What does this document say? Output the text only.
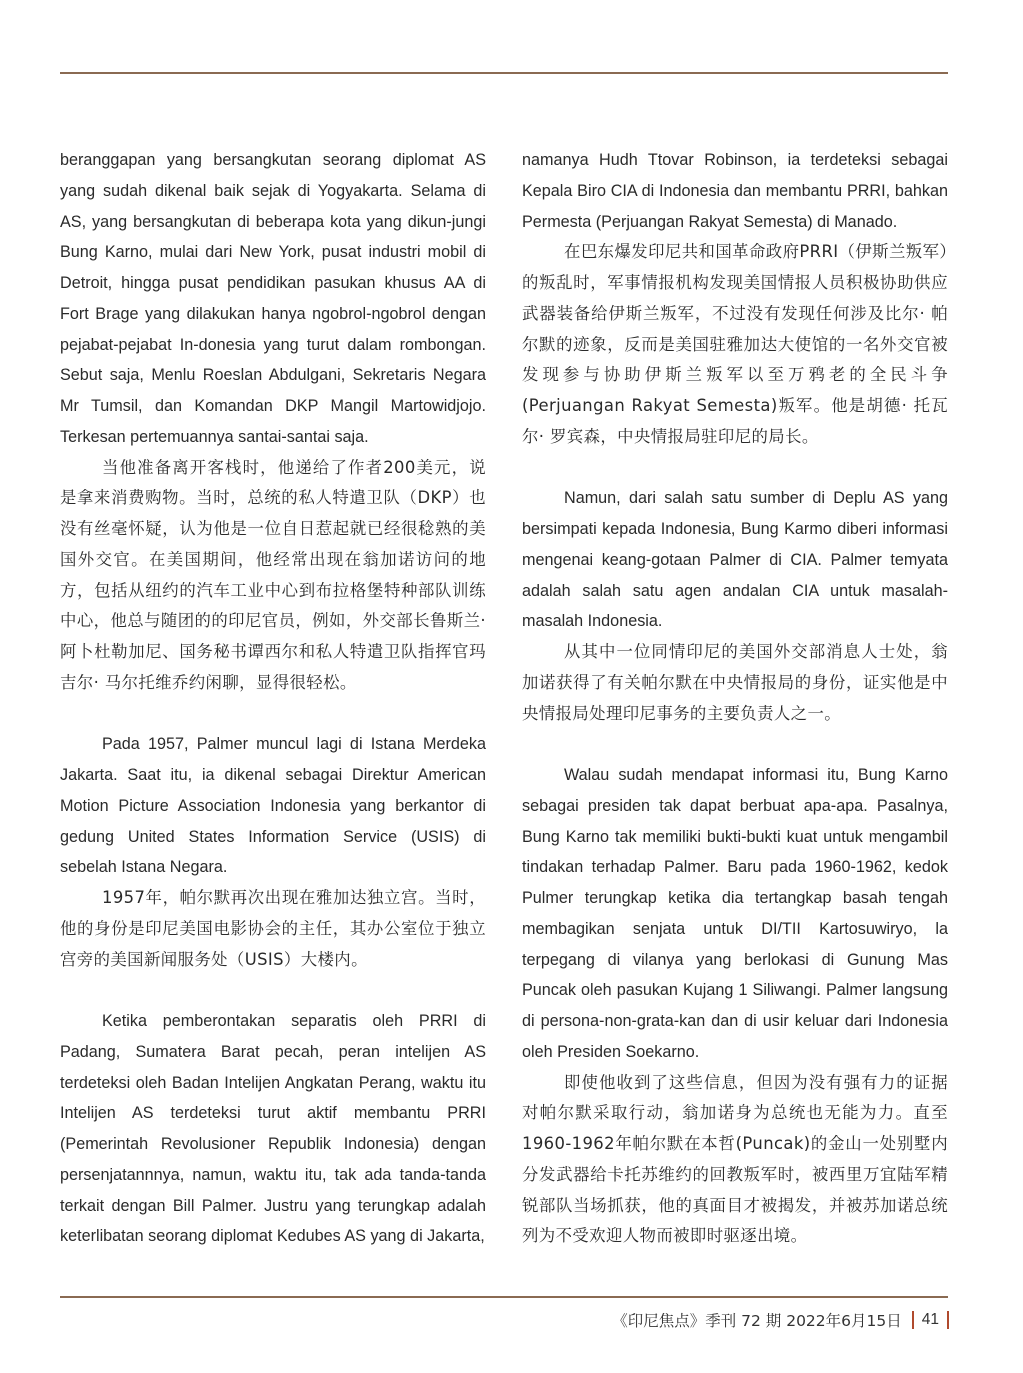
beranggapan yang bersangkutan seorang diplomat AS yang sudah dikenal baik sejak di Yogyakarta. Selama di AS, yang bersangkutan di beberapa kota yang dikun-jungi Bung Karno, mulai dari New York, pusat industri mobil di Detroit, hingga pusat pendidikan pasukan khusus AA di Fort Brage yang dilakukan hanya ngobrol-ngobrol dengan pejabat-pejabat In-donesia yang turut dalam rombongan. Sebut saja, Menlu Roeslan Abdulgani, Sekretaris Negara Mr Tumsil, dan Komandan DKP Mangil Martowidjojo. Terkesan pertemuannya santai-santai saja.

当他准备离开客栈时，他递给了作者200美元，说是拿来消费购物。当时，总统的私人特遣卫队（DKP）也没有丝毫怀疑，认为他是一位自日惹起就已经很稔熟的美国外交官。在美国期间，他经常出现在翁加诺访问的地方，包括从纽约的汽车工业中心到布拉格堡特种部队训练中心，他总与随团的的印尼官员，例如，外交部长鲁斯兰· 阿卜杜勒加尼、国务秘书谭西尔和私人特遣卫队指挥官玛吉尔· 马尔托维乔约闲聊，显得很轻松。

Pada 1957, Palmer muncul lagi di Istana Merdeka Jakarta. Saat itu, ia dikenal sebagai Direktur American Motion Picture Association Indonesia yang berkantor di gedung United States Information Service (USIS) di sebelah Istana Negara.

1957年，帕尔默再次出现在雅加达独立宫。当时，他的身份是印尼美国电影协会的主任，其办公室位于独立宫旁的美国新闻服务处（USIS）大楼内。

Ketika pemberontakan separatis oleh PRRI di Padang, Sumatera Barat pecah, peran intelijen AS terdeteksi oleh Badan Intelijen Angkatan Perang, waktu itu Intelijen AS terdeteksi turut aktif membantu PRRI (Pemerintah Revolusioner Republik Indonesia) dengan persenjatannnya, namun, waktu itu, tak ada tanda-tanda terkait dengan Bill Palmer. Justru yang terungkap adalah keterlibatan seorang diplomat Kedubes AS yang di Jakarta,

namanya Hudh Ttovar Robinson, ia terdeteksi sebagai Kepala Biro CIA di Indonesia dan membantu PRRI, bahkan Permesta (Perjuangan Rakyat Semesta) di Manado.

在巴东爆发印尼共和国革命政府PRRI（伊斯兰叛军）的叛乱时，军事情报机构发现美国情报人员积极协助供应武器装备给伊斯兰叛军，不过没有发现任何涉及比尔· 帕尔默的迹象，反而是美国驻雅加达大使馆的一名外交官被发现参与协助伊斯兰叛军以至万鸦老的全民斗争(Perjuangan Rakyat Semesta)叛军。他是胡德· 托瓦尔· 罗宾森，中央情报局驻印尼的局长。

Namun, dari salah satu sumber di Deplu AS yang bersimpati kepada Indonesia, Bung Karmo diberi informasi mengenai keang-gotaan Palmer di CIA. Palmer temyata adalah salah satu agen andalan CIA untuk masalah-masalah Indonesia.

从其中一位同情印尼的美国外交部消息人士处，翁加诺获得了有关帕尔默在中央情报局的身份，证实他是中央情报局处理印尼事务的主要负责人之一。

Walau sudah mendapat informasi itu, Bung Karno sebagai presiden tak dapat berbuat apa-apa. Pasalnya, Bung Karno tak memiliki bukti-bukti kuat untuk mengambil tindakan terhadap Palmer. Baru pada 1960-1962, kedok Pulmer terungkap ketika dia tertangkap basah tengah membagikan senjata untuk DI/TII Kartosuwiryo, la terpegang di vilanya yang berlokasi di Gunung Mas Puncak oleh pasukan Kujang 1 Siliwangi. Palmer langsung di persona-non-grata-kan dan di usir keluar dari Indonesia oleh Presiden Soekarno.

即使他收到了这些信息，但因为没有强有力的证据对帕尔默采取行动，翁加诺身为总统也无能为力。直至1960-1962年帕尔默在本哲(Puncak)的金山一处别墅内分发武器给卡托苏维约的回教叛军时，被西里万宜陆军精锐部队当场抓获，他的真面目才被揭发，并被苏加诺总统列为不受欢迎人物而被即时驱逐出境。

《印尼焦点》季刊 72 期 2022年6月15日 41
